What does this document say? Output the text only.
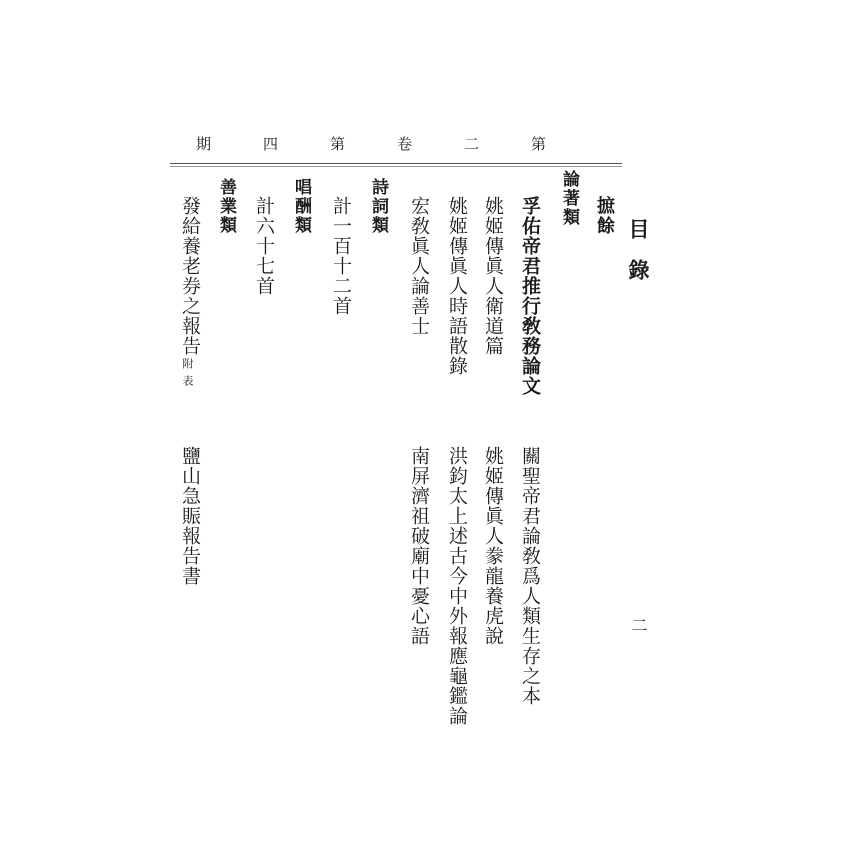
第二卷第四期
目錄
二
摭餘
論著類
孚佑帝君推行敎務論文
姚姬傳眞人衛道篇
姚姬傳眞人時語散錄
宏敎眞人論善士
關聖帝君論敎爲人類生存之本
姚姬傳眞人豢龍養虎說
洪鈞太上述古今中外報應龜鑑論
南屏濟祖破廟中憂心語
詩詞類
計一百十二首
唱酬類
計六十七首
善業類
發給養老券之報告
附表
鹽山急賑報告書
